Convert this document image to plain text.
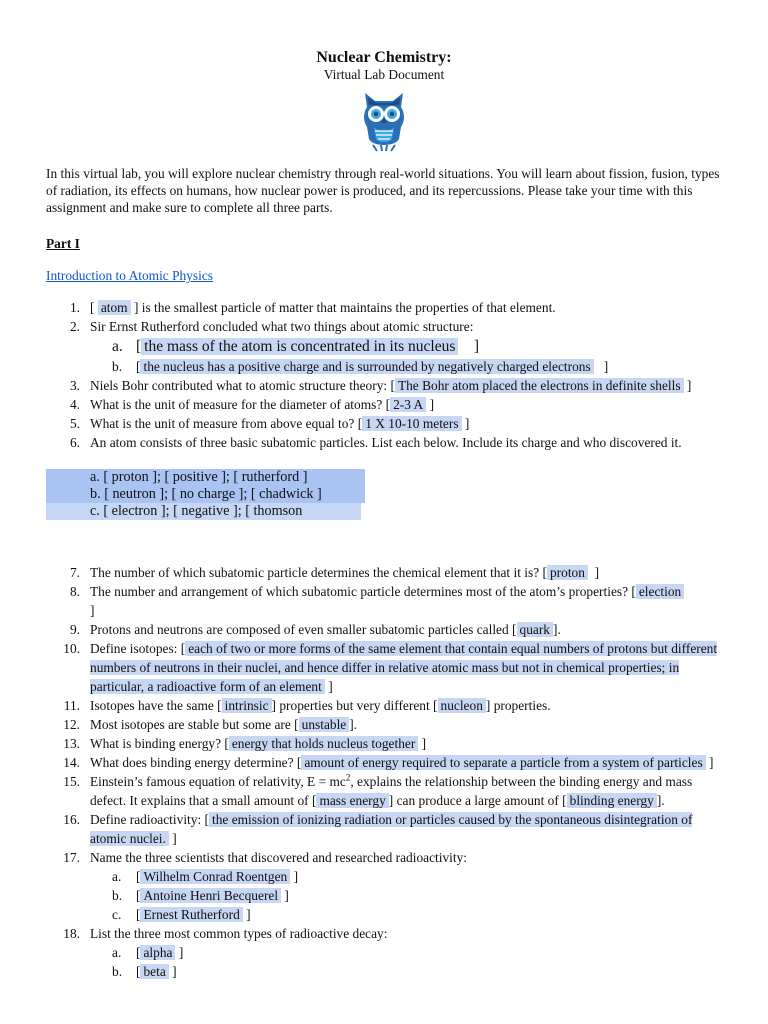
Nuclear Chemistry:
Virtual Lab Document
In this virtual lab, you will explore nuclear chemistry through real-world situations. You will learn about fission, fusion, types of radiation, its effects on humans, how nuclear power is produced, and its repercussions. Please take your time with this assignment and make sure to complete all three parts.
Part I
Introduction to Atomic Physics
1. [ atom ] is the smallest particle of matter that maintains the properties of that element.
2. Sir Ernst Rutherford concluded what two things about atomic structure:
a. [ the mass of the atom is concentrated in its nucleus    ]
b. [ the nucleus has a positive charge and is surrounded by negatively charged electrons   ]
3. Niels Bohr contributed what to atomic structure theory: [ The Bohr atom placed the electrons in definite shells ]
4. What is the unit of measure for the diameter of atoms? [ 2-3 A ]
5. What is the unit of measure from above equal to? [ 1 X 10-10 meters ]
6. An atom consists of three basic subatomic particles. List each below. Include its charge and who discovered it.
a. [ proton ]; [ positive ]; [ rutherford ]
b. [ neutron ]; [ no charge ]; [ chadwick ]
c. [ electron ]; [ negative ]; [ thomson
7. The number of which subatomic particle determines the chemical element that it is? [ proton ]
8. The number and arrangement of which subatomic particle determines most of the atom’s properties? [ election
]
9. Protons and neutrons are composed of even smaller subatomic particles called [ quark ].
10. Define isotopes: [ each of two or more forms of the same element that contain equal numbers of protons but different numbers of neutrons in their nuclei, and hence differ in relative atomic mass but not in chemical properties; in particular, a radioactive form of an element ]
11. Isotopes have the same [ intrinsic ] properties but very different [ nucleon ] properties.
12. Most isotopes are stable but some are [ unstable ].
13. What is binding energy? [ energy that holds nucleus together ]
14. What does binding energy determine? [ amount of energy required to separate a particle from a system of particles ]
15. Einstein’s famous equation of relativity, $E = mc^2$, explains the relationship between the binding energy and mass defect. It explains that a small amount of [ mass energy ] can produce a large amount of [ blinding energy ].
16. Define radioactivity: [ the emission of ionizing radiation or particles caused by the spontaneous disintegration of atomic nuclei. ]
17. Name the three scientists that discovered and researched radioactivity:
a. [ Wilhelm Conrad Roentgen ]
b. [ Antoine Henri Becquerel ]
c. [ Ernest Rutherford ]
18. List the three most common types of radioactive decay:
a. [ alpha ]
b. [ beta ]
